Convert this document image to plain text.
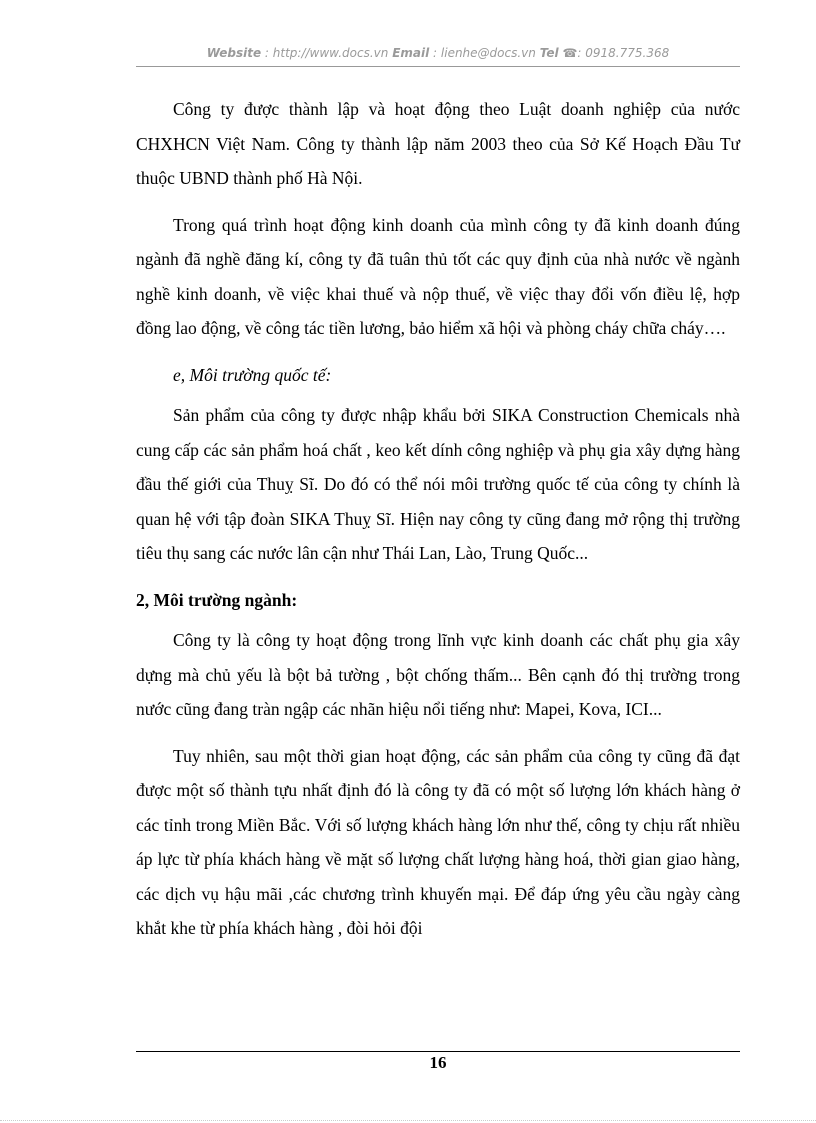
Website : http://www.docs.vn Email : lienhe@docs.vn Tel ☎: 0918.775.368

Công ty được thành lập và hoạt động theo Luật doanh nghiệp của nước CHXHCN Việt Nam. Công ty thành lập năm 2003 theo của Sở Kế Hoạch Đầu Tư thuộc UBND thành phố Hà Nội.

Trong quá trình hoạt động kinh doanh của mình công ty đã kinh doanh đúng ngành đã nghề đăng kí, công ty đã tuân thủ tốt các quy định của nhà nước về ngành nghề kinh doanh, về việc khai thuế và nộp thuế, về việc thay đổi vốn điều lệ, hợp đồng lao động, về công tác tiền lương, bảo hiểm xã hội và phòng cháy chữa cháy….

e, Môi trường quốc tế:

Sản phẩm của công ty được nhập khẩu bởi SIKA Construction Chemicals nhà cung cấp các sản phẩm hoá chất , keo kết dính công nghiệp và phụ gia xây dựng hàng đầu thế giới của Thuỵ Sĩ. Do đó có thể nói môi trường quốc tế của công ty chính là quan hệ với tập đoàn SIKA Thuỵ Sĩ. Hiện nay công ty cũng đang mở rộng thị trường tiêu thụ sang các nước lân cận như Thái Lan, Lào, Trung Quốc...

2, Môi trường ngành:

Công ty là công ty hoạt động trong lĩnh vực kinh doanh các chất phụ gia xây dựng mà chủ yếu là bột bả tường , bột chống thấm... Bên cạnh đó thị trường trong nước cũng đang tràn ngập các nhãn hiệu nổi tiếng như: Mapei, Kova, ICI...

Tuy nhiên, sau một thời gian hoạt động, các sản phẩm của công ty cũng đã đạt được một số thành tựu nhất định đó là công ty đã có một số lượng lớn khách hàng ở các tỉnh trong Miền Bắc. Với số lượng khách hàng lớn như thế, công ty chịu rất nhiều áp lực từ phía khách hàng về mặt số lượng chất lượng hàng hoá, thời gian giao hàng, các dịch vụ hậu mãi ,các chương trình khuyến mại. Để đáp ứng yêu cầu ngày càng khắt khe từ phía khách hàng , đòi hỏi đội

16
